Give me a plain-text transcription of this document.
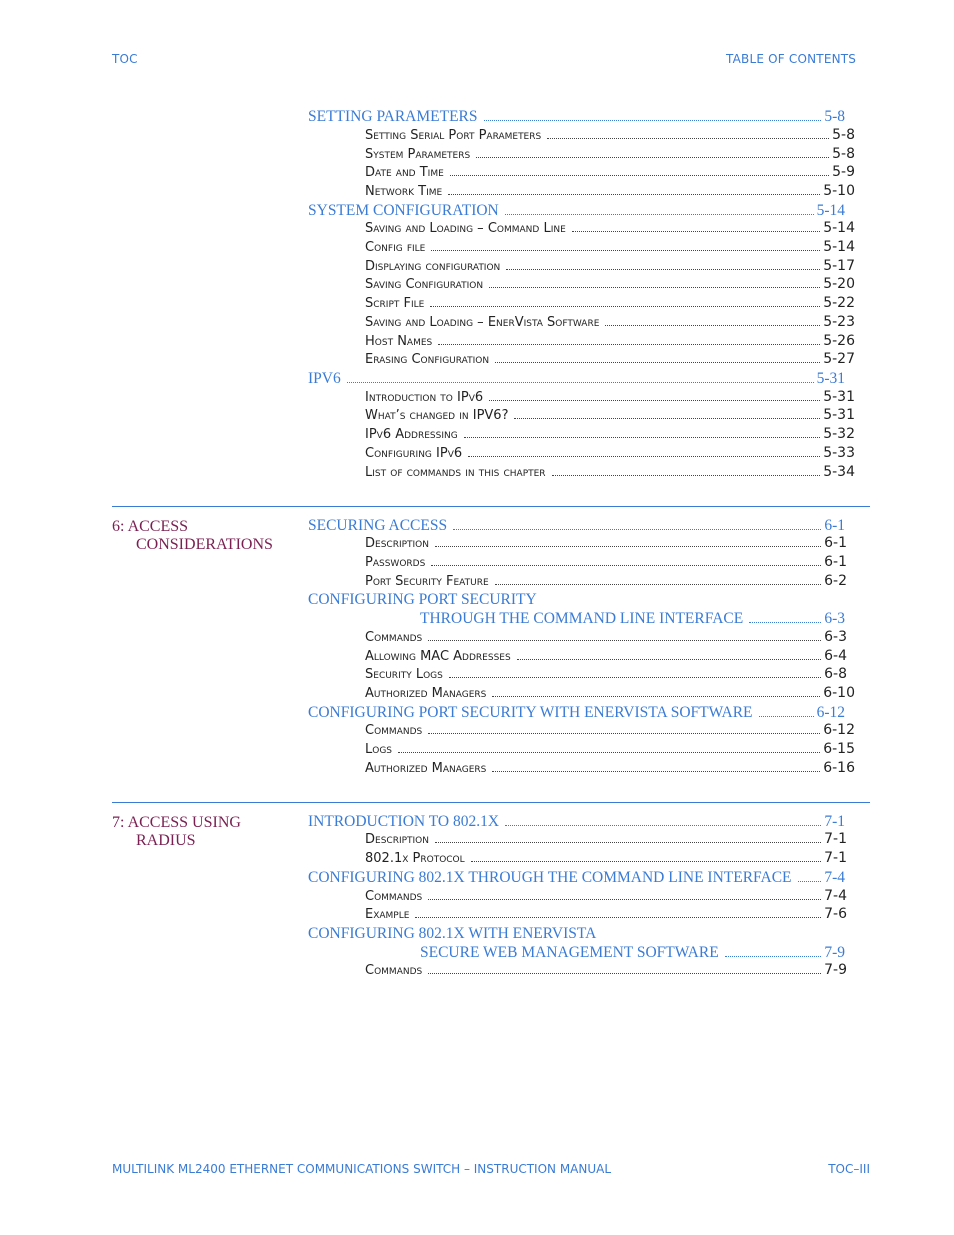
TOC	TABLE OF CONTENTS
SETTING PARAMETERS	5-8
Setting Serial Port Parameters	5-8
System Parameters	5-8
Date and Time	5-9
Network Time	5-10
SYSTEM CONFIGURATION	5-14
Saving and Loading – Command Line	5-14
Config file	5-14
Displaying configuration	5-17
Saving Configuration	5-20
Script File	5-22
Saving and Loading – EnerVista Software	5-23
Host Names	5-26
Erasing Configuration	5-27
IPV6	5-31
Introduction to IPv6	5-31
What’s changed in IPV6?	5-31
IPv6 Addressing	5-32
Configuring IPv6	5-33
List of commands in this chapter	5-34
6: ACCESS
CONSIDERATIONS
SECURING ACCESS	6-1
Description	6-1
Passwords	6-1
Port Security Feature	6-2
CONFIGURING PORT SECURITY
THROUGH THE COMMAND LINE INTERFACE	6-3
Commands	6-3
Allowing MAC Addresses	6-4
Security Logs	6-8
Authorized Managers	6-10
CONFIGURING PORT SECURITY WITH ENERVISTA SOFTWARE	6-12
Commands	6-12
Logs	6-15
Authorized Managers	6-16
7: ACCESS USING
RADIUS
INTRODUCTION TO 802.1X	7-1
Description	7-1
802.1x Protocol	7-1
CONFIGURING 802.1X THROUGH THE COMMAND LINE INTERFACE 7-4
Commands	7-4
Example	7-6
CONFIGURING 802.1X WITH ENERVISTA
SECURE WEB MANAGEMENT SOFTWARE	7-9
Commands	7-9
MULTILINK ML2400 ETHERNET COMMUNICATIONS SWITCH – INSTRUCTION MANUAL	TOC–III
